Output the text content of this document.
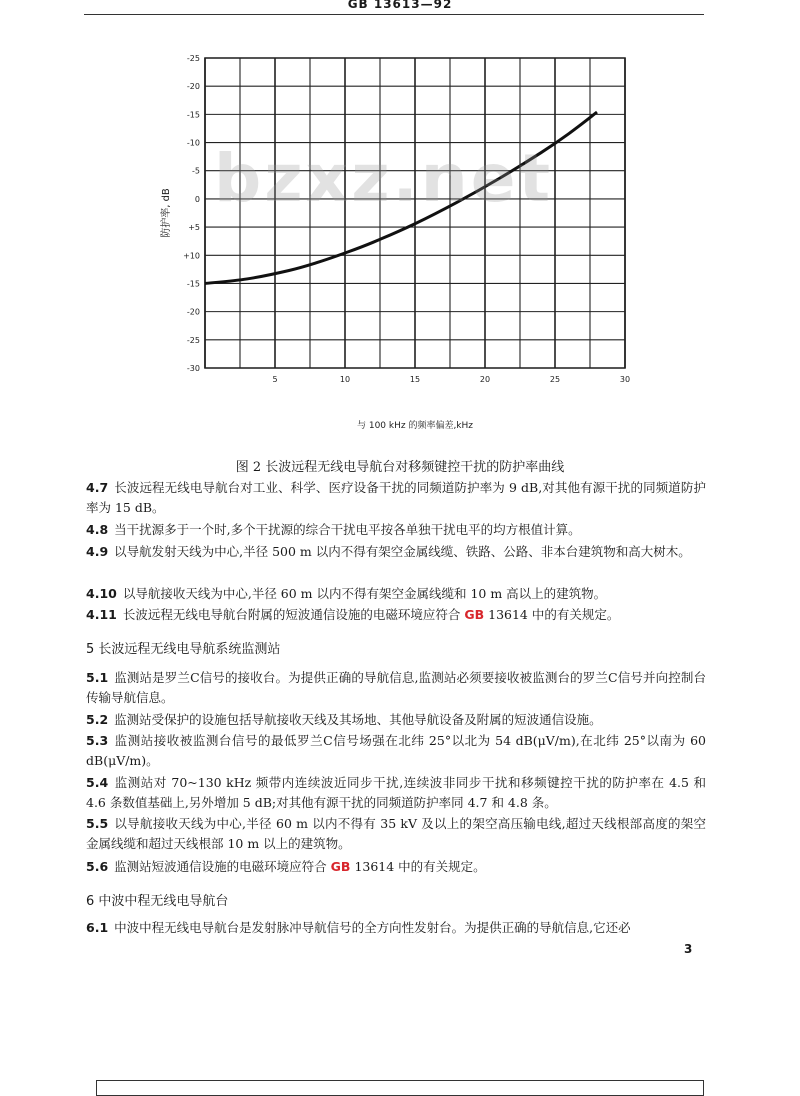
GB 13613—92
-25
-20
-15
-10
-5
0
+5
+10
-15
-20
-25
-30
5	10	15	20	25	30
防护率, dB
与 100 kHz 的频率偏差,kHz
bzxz.net
图 2 长波远程无线电导航台对移频键控干扰的防护率曲线
4.7 长波远程无线电导航台对工业、科学、医疗设备干扰的同频道防护率为 9 dB,对其他有源干扰的同频道防护率为 15 dB。
4.8 当干扰源多于一个时,多个干扰源的综合干扰电平按各单独干扰电平的均方根值计算。
4.9 以导航发射天线为中心,半径 500 m 以内不得有架空金属线缆、铁路、公路、非本台建筑物和高大树木。
4.10 以导航接收天线为中心,半径 60 m 以内不得有架空金属线缆和 10 m 高以上的建筑物。
4.11 长波远程无线电导航台附属的短波通信设施的电磁环境应符合 GB 13614 中的有关规定。
5 长波远程无线电导航系统监测站
5.1 监测站是罗兰C信号的接收台。为提供正确的导航信息,监测站必须要接收被监测台的罗兰C信号并向控制台传输导航信息。
5.2 监测站受保护的设施包括导航接收天线及其场地、其他导航设备及附属的短波通信设施。
5.3 监测站接收被监测台信号的最低罗兰C信号场强在北纬 25°以北为 54 dB(μV/m),在北纬 25°以南为 60 dB(μV/m)。
5.4 监测站对 70~130 kHz 频带内连续波近同步干扰,连续波非同步干扰和移频键控干扰的防护率在 4.5 和 4.6 条数值基础上,另外增加 5 dB;对其他有源干扰的同频道防护率同 4.7 和 4.8 条。
5.5 以导航接收天线为中心,半径 60 m 以内不得有 35 kV 及以上的架空高压输电线,超过天线根部高度的架空金属线缆和超过天线根部 10 m 以上的建筑物。
5.6 监测站短波通信设施的电磁环境应符合 GB 13614 中的有关规定。
6 中波中程无线电导航台
6.1 中波中程无线电导航台是发射脉冲导航信号的全方向性发射台。为提供正确的导航信息,它还必
3
